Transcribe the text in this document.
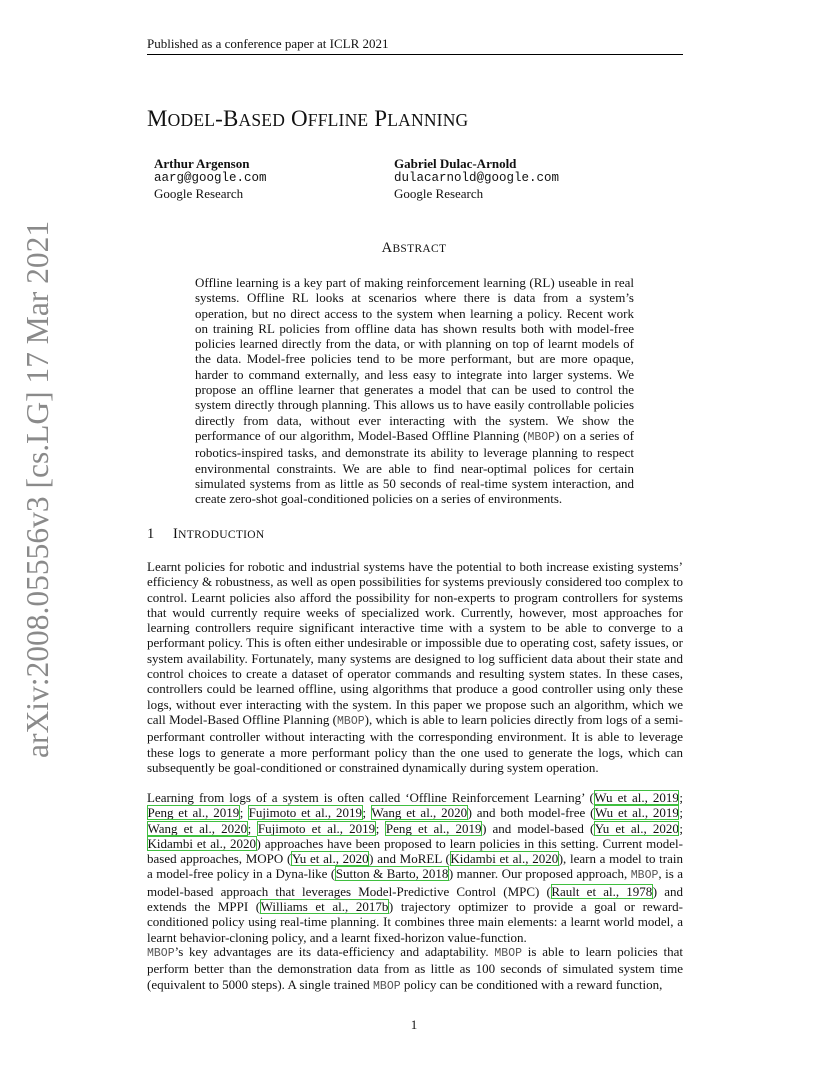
Published as a conference paper at ICLR 2021
arXiv:2008.05556v3 [cs.LG] 17 Mar 2021
MODEL-BASED OFFLINE PLANNING
Arthur Argenson
aarg@google.com
Google Research
Gabriel Dulac-Arnold
dulacarnold@google.com
Google Research
ABSTRACT
Offline learning is a key part of making reinforcement learning (RL) useable in real systems. Offline RL looks at scenarios where there is data from a system’s operation, but no direct access to the system when learning a policy. Recent work on training RL policies from offline data has shown results both with model-free policies learned directly from the data, or with planning on top of learnt models of the data. Model-free policies tend to be more performant, but are more opaque, harder to command externally, and less easy to integrate into larger systems. We propose an offline learner that generates a model that can be used to control the system directly through planning. This allows us to have easily controllable policies directly from data, without ever interacting with the system. We show the performance of our algorithm, Model-Based Offline Planning (MBOP) on a series of robotics-inspired tasks, and demonstrate its ability to leverage planning to respect environmental constraints. We are able to find near-optimal polices for certain simulated systems from as little as 50 seconds of real-time system interaction, and create zero-shot goal-conditioned policies on a series of environments.
1 INTRODUCTION
Learnt policies for robotic and industrial systems have the potential to both increase existing systems’ efficiency & robustness, as well as open possibilities for systems previously considered too complex to control. Learnt policies also afford the possibility for non-experts to program controllers for systems that would currently require weeks of specialized work. Currently, however, most approaches for learning controllers require significant interactive time with a system to be able to converge to a performant policy. This is often either undesirable or impossible due to operating cost, safety issues, or system availability. Fortunately, many systems are designed to log sufficient data about their state and control choices to create a dataset of operator commands and resulting system states. In these cases, controllers could be learned offline, using algorithms that produce a good controller using only these logs, without ever interacting with the system. In this paper we propose such an algorithm, which we call Model-Based Offline Planning (MBOP), which is able to learn policies directly from logs of a semi-performant controller without interacting with the corresponding environment. It is able to leverage these logs to generate a more performant policy than the one used to generate the logs, which can subsequently be goal-conditioned or constrained dynamically during system operation.
Learning from logs of a system is often called ‘Offline Reinforcement Learning’ (Wu et al., 2019; Peng et al., 2019; Fujimoto et al., 2019; Wang et al., 2020) and both model-free (Wu et al., 2019; Wang et al., 2020; Fujimoto et al., 2019; Peng et al., 2019) and model-based (Yu et al., 2020; Kidambi et al., 2020) approaches have been proposed to learn policies in this setting. Current model-based approaches, MOPO (Yu et al., 2020) and MoREL (Kidambi et al., 2020), learn a model to train a model-free policy in a Dyna-like (Sutton & Barto, 2018) manner. Our proposed approach, MBOP, is a model-based approach that leverages Model-Predictive Control (MPC) (Rault et al., 1978) and extends the MPPI (Williams et al., 2017b) trajectory optimizer to provide a goal or reward-conditioned policy using real-time planning. It combines three main elements: a learnt world model, a learnt behavior-cloning policy, and a learnt fixed-horizon value-function.
MBOP’s key advantages are its data-efficiency and adaptability. MBOP is able to learn policies that perform better than the demonstration data from as little as 100 seconds of simulated system time (equivalent to 5000 steps). A single trained MBOP policy can be conditioned with a reward function,
1
